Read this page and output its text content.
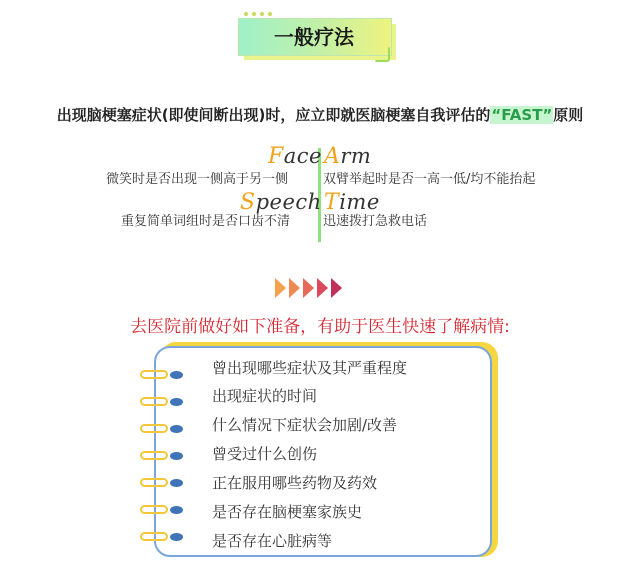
一般疗法
出现脑梗塞症状(即使间断出现)时，应立即就医脑梗塞自我评估的“FAST”原则
Face
微笑时是否出现一侧高于另一侧
Arm
双臂举起时是否一高一低/均不能抬起
Speech
重复简单词组时是否口齿不清
Time
迅速拨打急救电话
去医院前做好如下准备，有助于医生快速了解病情:
曾出现哪些症状及其严重程度
出现症状的时间
什么情况下症状会加剧/改善
曾受过什么创伤
正在服用哪些药物及药效
是否存在脑梗塞家族史
是否存在心脏病等
